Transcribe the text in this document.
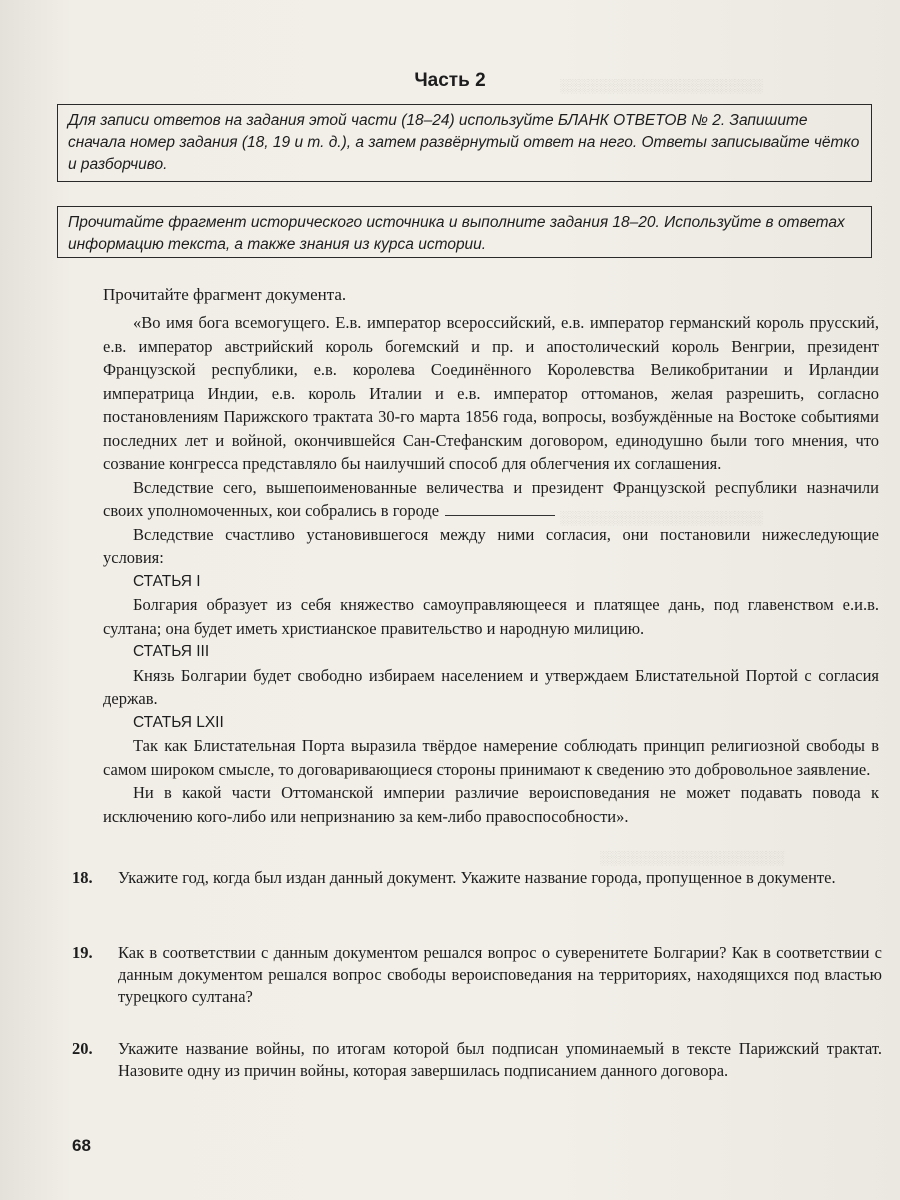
░░░░░░░░░░░░░░░░░░░░░░
░░░░░░░░░░░░░░░░░░░░░░
░░░░░░░░░░░░░░░░░░░░
Часть 2
Для записи ответов на задания этой части (18–24) используйте БЛАНК ОТВЕТОВ № 2. Запишите сначала номер задания (18, 19 и т. д.), а затем развёрнутый ответ на него. Ответы записывайте чётко и разборчиво.
Прочитайте фрагмент исторического источника и выполните задания 18–20. Используйте в ответах информацию текста, а также знания из курса истории.
Прочитайте фрагмент документа.

«Во имя бога всемогущего. Е.в. император всероссийский, е.в. император германский король прусский, е.в. император австрийский король богемский и пр. и апостолический король Венгрии, президент Французской республики, е.в. королева Соединённого Королевства Великобритании и Ирландии императрица Индии, е.в. король Италии и е.в. император оттоманов, желая разрешить, согласно постановлениям Парижского трактата 30-го марта 1856 года, вопросы, возбуждённые на Востоке событиями последних лет и войной, окончившейся Сан-Стефанским договором, единодушно были того мнения, что созвание конгресса представляло бы наилучший способ для облегчения их соглашения.

Вследствие сего, вышепоименованные величества и президент Французской республики назначили своих уполномоченных, кои собрались в городе

Вследствие счастливо установившегося между ними согласия, они постановили нижеследующие условия:

СТАТЬЯ I

Болгария образует из себя княжество самоуправляющееся и платящее дань, под главенством е.и.в. султана; она будет иметь христианское правительство и народную милицию.

СТАТЬЯ III

Князь Болгарии будет свободно избираем населением и утверждаем Блистательной Портой с согласия держав.

СТАТЬЯ LXII

Так как Блистательная Порта выразила твёрдое намерение соблюдать принцип религиозной свободы в самом широком смысле, то договаривающиеся стороны принимают к сведению это добровольное заявление.

Ни в какой части Оттоманской империи различие вероисповедания не может подавать повода к исключению кого-либо или непризнанию за кем-либо правоспособности».

18.	Укажите год, когда был издан данный документ. Укажите название города, пропущенное в документе.
19.	Как в соответствии с данным документом решался вопрос о суверенитете Болгарии? Как в соответствии с данным документом решался вопрос свободы вероисповедания на территориях, находящихся под властью турецкого султана?
20.	Укажите название войны, по итогам которой был подписан упоминаемый в тексте Парижский трактат. Назовите одну из причин войны, которая завершилась подписанием данного договора.
68
